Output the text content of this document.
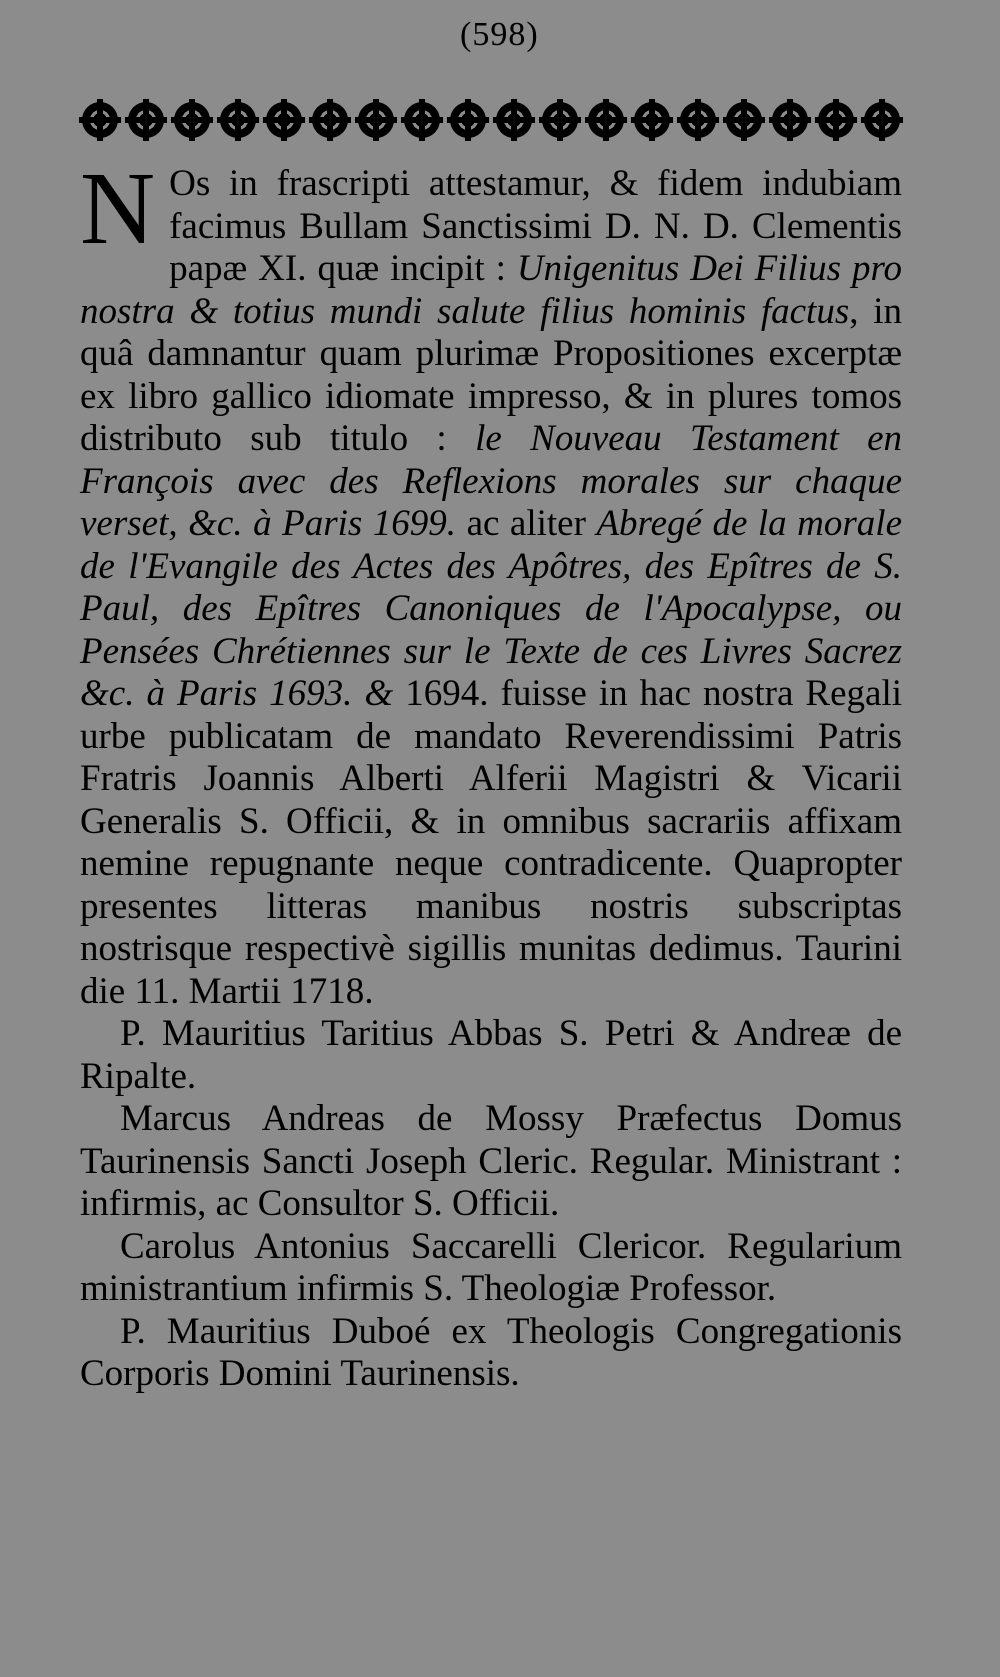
(598)

N Os in frascripti attestamur, & fidem indubiam facimus Bullam Sanctissimi D. N. D. Clementis papæ XI. quæ incipit : Unigenitus Dei Filius pro nostra & totius mundi salute filius hominis factus, in quâ damnantur quam plurimæ Propositiones excerptæ ex libro gallico idiomate impresso, & in plures tomos distributo sub titulo : le Nouveau Testament en François avec des Reflexions morales sur chaque verset, &c. à Paris 1699. ac aliter Abregé de la morale de l'Evangile des Actes des Apôtres, des Epîtres de S. Paul, des Epîtres Canoniques de l'Apocalypse, ou Pensées Chrétiennes sur le Texte de ces Livres Sacrez &c. à Paris 1693. & 1694. fuisse in hac nostra Regali urbe publicatam de mandato Reverendissimi Patris Fratris Joannis Alberti Alferii Magistri & Vicarii Generalis S. Officii, & in omnibus sacrariis affixam nemine repugnante neque contradicente. Quapropter presentes litteras manibus nostris subscriptas nostrisque respectivè sigillis munitas dedimus. Taurini die 11. Martii 1718.

P. Mauritius Taritius Abbas S. Petri & Andreæ de Ripalte.

Marcus Andreas de Mossy Præfectus Domus Taurinensis Sancti Joseph Cleric. Regular. Ministrant : infirmis, ac Consultor S. Officii.

Carolus Antonius Saccarelli Clericor. Regularium ministrantium infirmis S. Theologiæ Professor.

P. Mauritius Duboé ex Theologis Congregationis Corporis Domini Taurinensis.
